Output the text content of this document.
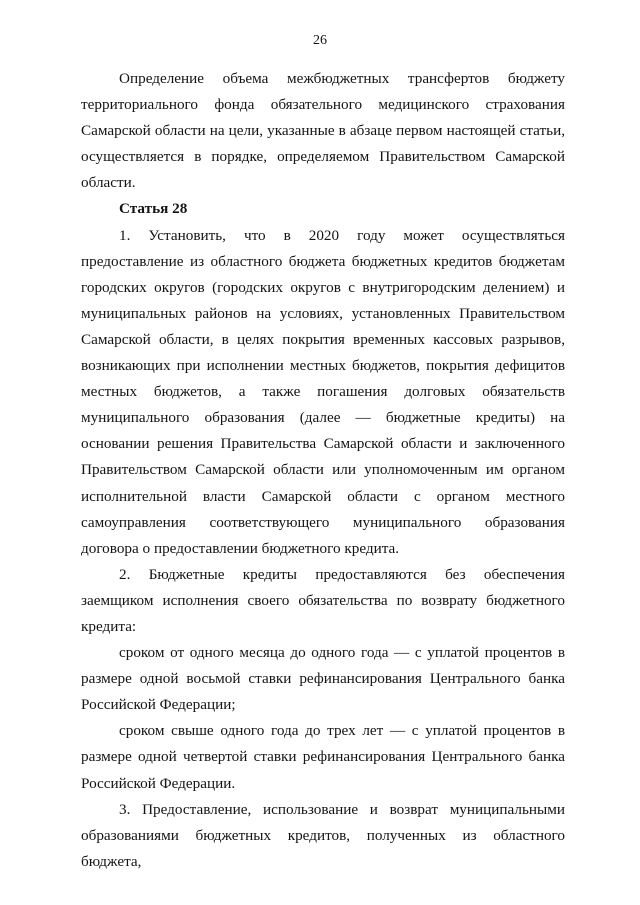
26

Определение объема межбюджетных трансфертов бюджету территориального фонда обязательного медицинского страхования Самарской области на цели, указанные в абзаце первом настоящей статьи, осуществляется в порядке, определяемом Правительством Самарской области.

Статья 28

1. Установить, что в 2020 году может осуществляться предоставление из областного бюджета бюджетных кредитов бюджетам городских округов (городских округов с внутригородским делением) и муниципальных районов на условиях, установленных Правительством Самарской области, в целях покрытия временных кассовых разрывов, возникающих при исполнении местных бюджетов, покрытия дефицитов местных бюджетов, а также погашения долговых обязательств муниципального образования (далее — бюджетные кредиты) на основании решения Правительства Самарской области и заключенного Правительством Самарской области или уполномоченным им органом исполнительной власти Самарской области с органом местного самоуправления соответствующего муниципального образования договора о предоставлении бюджетного кредита.

2. Бюджетные кредиты предоставляются без обеспечения заемщиком исполнения своего обязательства по возврату бюджетного кредита:

сроком от одного месяца до одного года — с уплатой процентов в размере одной восьмой ставки рефинансирования Центрального банка Российской Федерации;

сроком свыше одного года до трех лет — с уплатой процентов в размере одной четвертой ставки рефинансирования Центрального банка Российской Федерации.

3. Предоставление, использование и возврат муниципальными образованиями бюджетных кредитов, полученных из областного бюджета,
